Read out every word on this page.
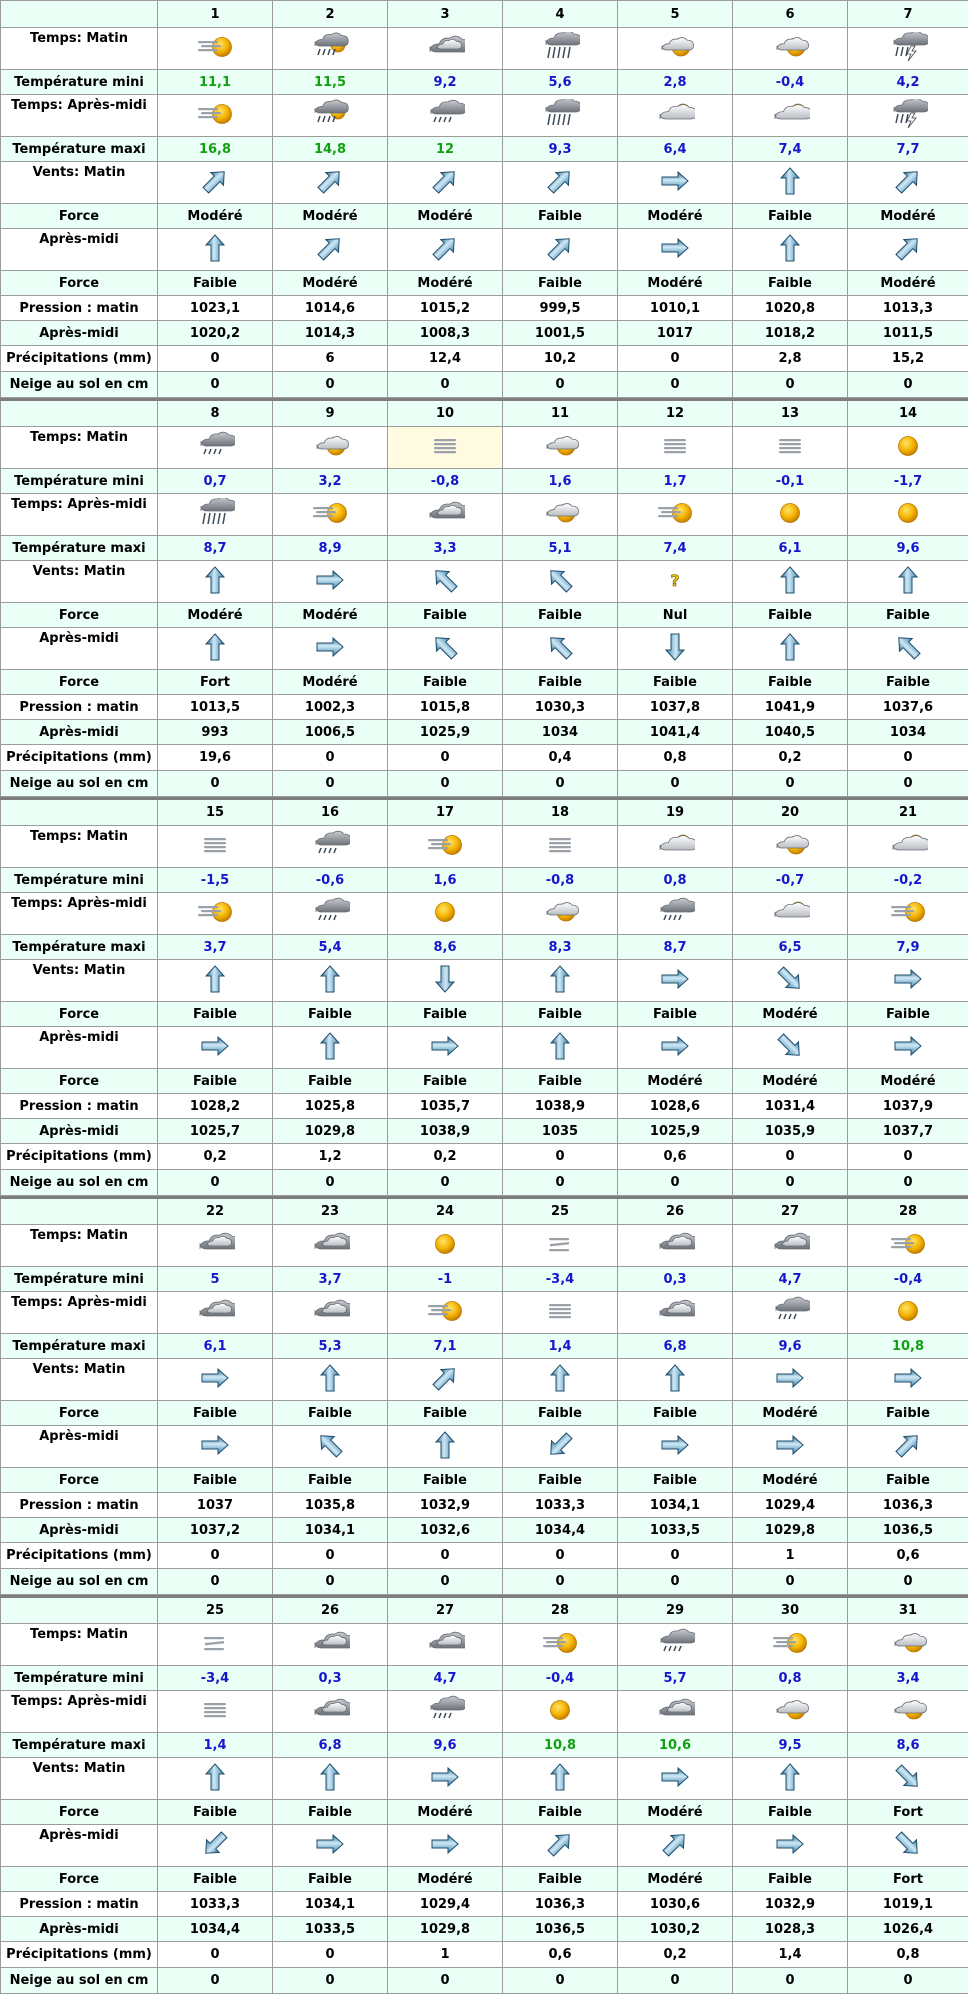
	1	2	3	4	5	6	7
Temps: Matin							
Température mini	11,1	11,5	9,2	5,6	2,8	-0,4	4,2
Temps: Après-midi							
Température maxi	16,8	14,8	12	9,3	6,4	7,4	7,7
Vents: Matin							
Force	Modéré	Modéré	Modéré	Faible	Modéré	Faible	Modéré
Après-midi							
Force	Faible	Modéré	Modéré	Faible	Modéré	Faible	Modéré
Pression : matin	1023,1	1014,6	1015,2	999,5	1010,1	1020,8	1013,3
Après-midi	1020,2	1014,3	1008,3	1001,5	1017	1018,2	1011,5
Précipitations (mm)	0	6	12,4	10,2	0	2,8	15,2
Neige au sol en cm	0	0	0	0	0	0	0
	8	9	10	11	12	13	14
Temps: Matin							
Température mini	0,7	3,2	-0,8	1,6	1,7	-0,1	-1,7
Temps: Après-midi							
Température maxi	8,7	8,9	3,3	5,1	7,4	6,1	9,6
Vents: Matin					?

Force	Modéré	Modéré	Faible	Faible	Nul	Faible	Faible
Après-midi							
Force	Fort	Modéré	Faible	Faible	Faible	Faible	Faible
Pression : matin	1013,5	1002,3	1015,8	1030,3	1037,8	1041,9	1037,6
Après-midi	993	1006,5	1025,9	1034	1041,4	1040,5	1034
Précipitations (mm)	19,6	0	0	0,4	0,8	0,2	0
Neige au sol en cm	0	0	0	0	0	0	0
	15	16	17	18	19	20	21
Temps: Matin							
Température mini	-1,5	-0,6	1,6	-0,8	0,8	-0,7	-0,2
Temps: Après-midi							
Température maxi	3,7	5,4	8,6	8,3	8,7	6,5	7,9
Vents: Matin							
Force	Faible	Faible	Faible	Faible	Faible	Modéré	Faible
Après-midi							
Force	Faible	Faible	Faible	Faible	Modéré	Modéré	Modéré
Pression : matin	1028,2	1025,8	1035,7	1038,9	1028,6	1031,4	1037,9
Après-midi	1025,7	1029,8	1038,9	1035	1025,9	1035,9	1037,7
Précipitations (mm)	0,2	1,2	0,2	0	0,6	0	0
Neige au sol en cm	0	0	0	0	0	0	0
	22	23	24	25	26	27	28
Temps: Matin							
Température mini	5	3,7	-1	-3,4	0,3	4,7	-0,4
Temps: Après-midi							
Température maxi	6,1	5,3	7,1	1,4	6,8	9,6	10,8
Vents: Matin							
Force	Faible	Faible	Faible	Faible	Faible	Modéré	Faible
Après-midi							
Force	Faible	Faible	Faible	Faible	Faible	Modéré	Faible
Pression : matin	1037	1035,8	1032,9	1033,3	1034,1	1029,4	1036,3
Après-midi	1037,2	1034,1	1032,6	1034,4	1033,5	1029,8	1036,5
Précipitations (mm)	0	0	0	0	0	1	0,6
Neige au sol en cm	0	0	0	0	0	0	0
	25	26	27	28	29	30	31
Temps: Matin							
Température mini	-3,4	0,3	4,7	-0,4	5,7	0,8	3,4
Temps: Après-midi							
Température maxi	1,4	6,8	9,6	10,8	10,6	9,5	8,6
Vents: Matin							
Force	Faible	Faible	Modéré	Faible	Modéré	Faible	Fort
Après-midi							
Force	Faible	Faible	Modéré	Faible	Modéré	Faible	Fort
Pression : matin	1033,3	1034,1	1029,4	1036,3	1030,6	1032,9	1019,1
Après-midi	1034,4	1033,5	1029,8	1036,5	1030,2	1028,3	1026,4
Précipitations (mm)	0	0	1	0,6	0,2	1,4	0,8
Neige au sol en cm	0	0	0	0	0	0	0
